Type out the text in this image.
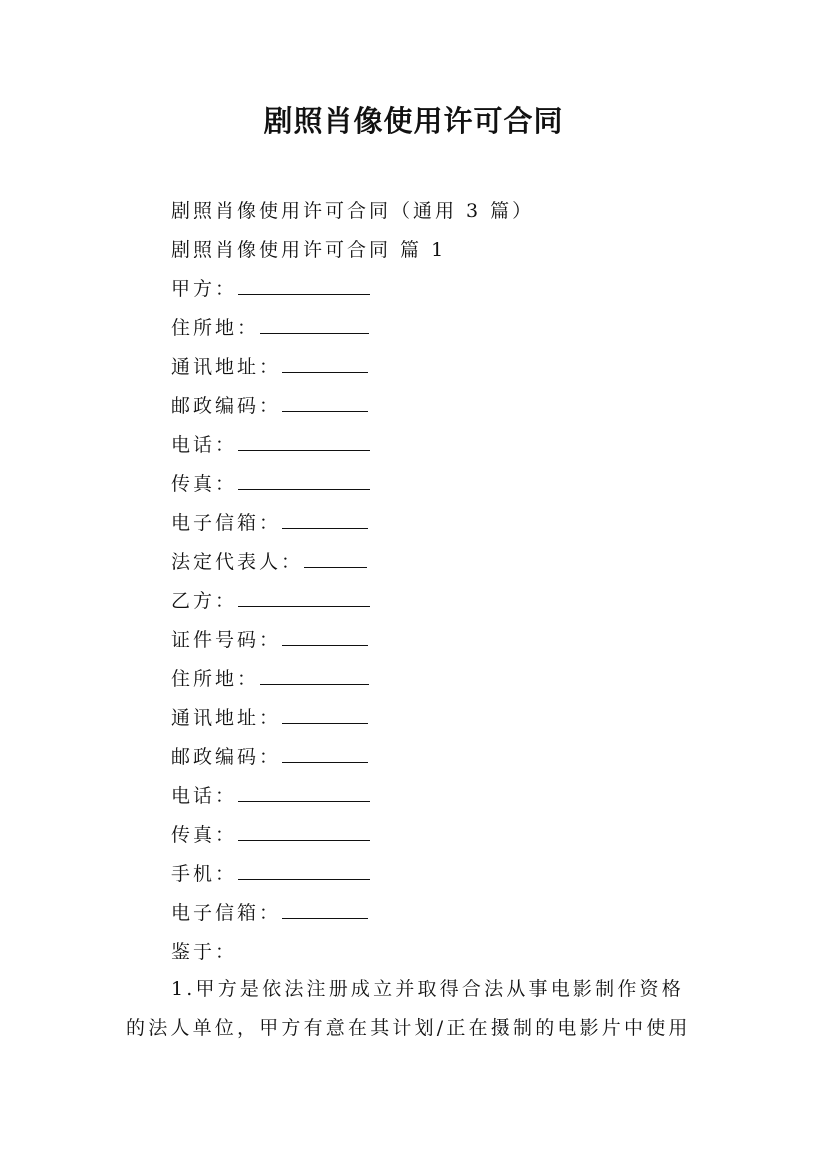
剧照肖像使用许可合同
剧照肖像使用许可合同（通用 3 篇）
剧照肖像使用许可合同 篇 1
甲方：
住所地：
通讯地址：
邮政编码：
电话：
传真：
电子信箱：
法定代表人：
乙方：
证件号码：
住所地：
通讯地址：
邮政编码：
电话：
传真：
手机：
电子信箱：
鉴于：
1.甲方是依法注册成立并取得合法从事电影制作资格
的法人单位，甲方有意在其计划/正在摄制的电影片中使用
